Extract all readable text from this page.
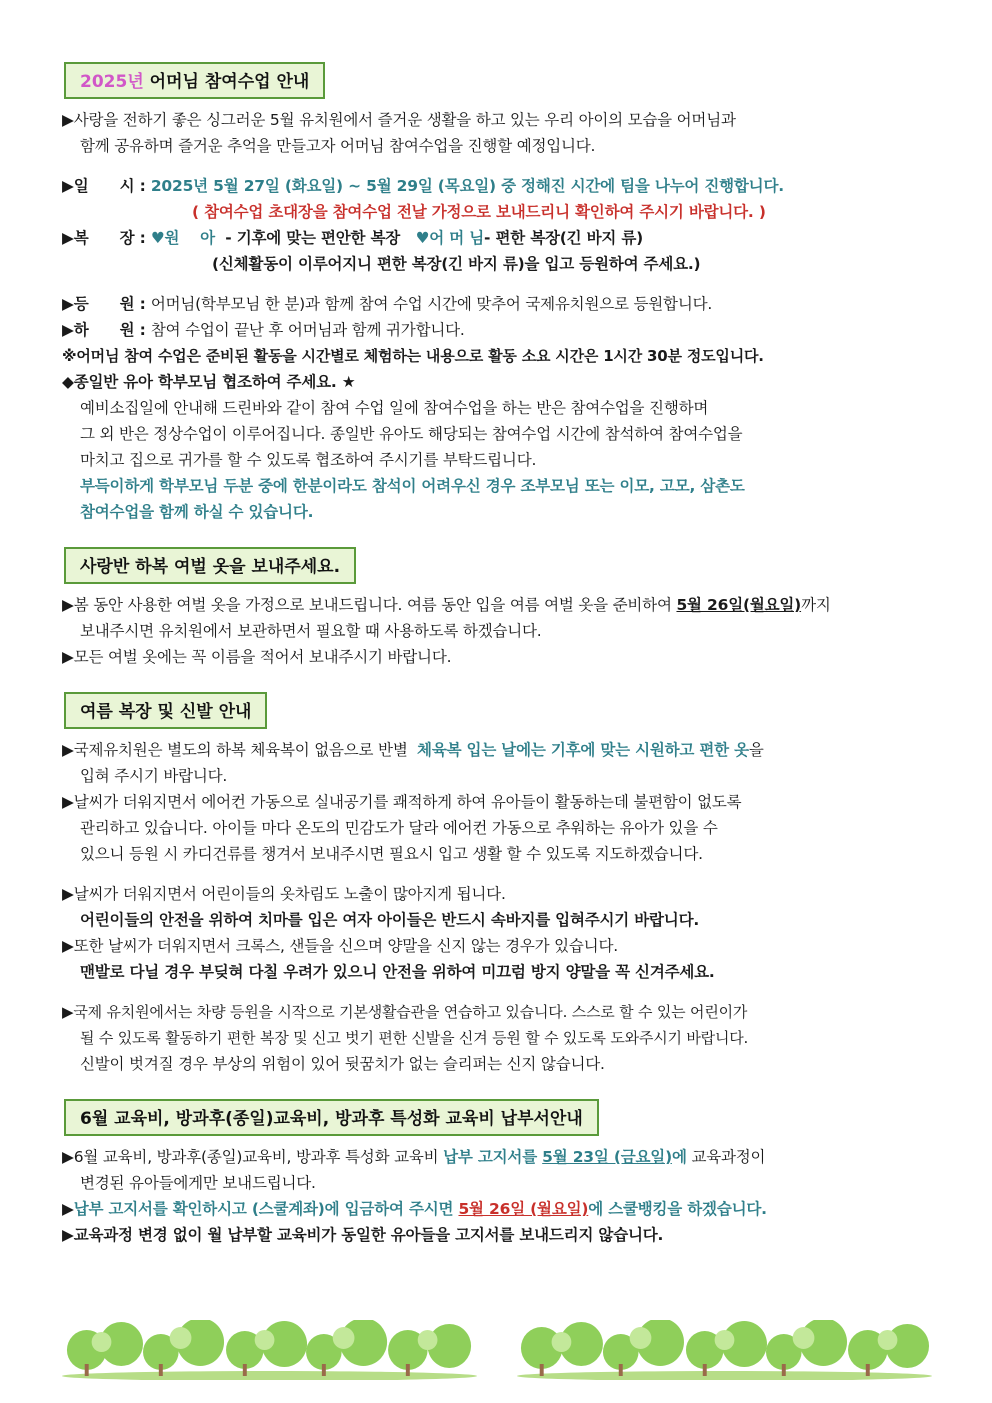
2025년 어머님 참여수업 안내

▶사랑을 전하기 좋은 싱그러운 5월 유치원에서 즐거운 생활을 하고 있는 우리 아이의 모습을 어머님과

함께 공유하며 즐거운 추억을 만들고자 어머님 참여수업을 진행할 예정입니다.

▶일      시 : 2025년 5월 27일 (화요일) ~ 5월 29일 (목요일) 중 정해진 시간에 팀을 나누어 진행합니다.

( 참여수업 초대장을 참여수업 전날 가정으로 보내드리니 확인하여 주시기 바랍니다. )

▶복      장 : ♥원    아  - 기후에 맞는 편안한 복장   ♥어 머 님- 편한 복장(긴 바지 류)

(신체활동이 이루어지니 편한 복장(긴 바지 류)을 입고 등원하여 주세요.)

▶등      원 : 어머님(학부모님 한 분)과 함께 참여 수업 시간에 맞추어 국제유치원으로 등원합니다.

▶하      원 : 참여 수업이 끝난 후 어머님과 함께 귀가합니다.

※어머님 참여 수업은 준비된 활동을 시간별로 체험하는 내용으로 활동 소요 시간은 1시간 30분 정도입니다.

◆종일반 유아 학부모님 협조하여 주세요. ★

예비소집일에 안내해 드린바와 같이 참여 수업 일에 참여수업을 하는 반은 참여수업을 진행하며

그 외 반은 정상수업이 이루어집니다. 종일반 유아도 해당되는 참여수업 시간에 참석하여 참여수업을

마치고 집으로 귀가를 할 수 있도록 협조하여 주시기를 부탁드립니다.

부득이하게 학부모님 두분 중에 한분이라도 참석이 어려우신 경우 조부모님 또는 이모, 고모, 삼촌도

참여수업을 함께 하실 수 있습니다.

사랑반 하복 여벌 옷을 보내주세요.

▶봄 동안 사용한 여벌 옷을 가정으로 보내드립니다. 여름 동안 입을 여름 여벌 옷을 준비하여 5월 26일(월요일)까지

보내주시면 유치원에서 보관하면서 필요할 때 사용하도록 하겠습니다.

▶모든 여벌 옷에는 꼭 이름을 적어서 보내주시기 바랍니다.

여름 복장 및 신발 안내

▶국제유치원은 별도의 하복 체육복이 없음으로 반별  체육복 입는 날에는 기후에 맞는 시원하고 편한 옷을

입혀 주시기 바랍니다.

▶날씨가 더워지면서 에어컨 가동으로 실내공기를 쾌적하게 하여 유아들이 활동하는데 불편함이 없도록

관리하고 있습니다. 아이들 마다 온도의 민감도가 달라 에어컨 가동으로 추워하는 유아가 있을 수

있으니 등원 시 카디건류를 챙겨서 보내주시면 필요시 입고 생활 할 수 있도록 지도하겠습니다.

▶날씨가 더워지면서 어린이들의 옷차림도 노출이 많아지게 됩니다.

어린이들의 안전을 위하여 치마를 입은 여자 아이들은 반드시 속바지를 입혀주시기 바랍니다.

▶또한 날씨가 더워지면서 크록스, 샌들을 신으며 양말을 신지 않는 경우가 있습니다.

맨발로 다닐 경우 부딪혀 다칠 우려가 있으니 안전을 위하여 미끄럼 방지 양말을 꼭 신겨주세요.

▶국제 유치원에서는 차량 등원을 시작으로 기본생활습관을 연습하고 있습니다. 스스로 할 수 있는 어린이가

될 수 있도록 활동하기 편한 복장 및 신고 벗기 편한 신발을 신겨 등원 할 수 있도록 도와주시기 바랍니다.

신발이 벗겨질 경우 부상의 위험이 있어 뒷꿈치가 없는 슬리퍼는 신지 않습니다.

6월 교육비, 방과후(종일)교육비, 방과후 특성화 교육비 납부서안내

▶6월 교육비, 방과후(종일)교육비, 방과후 특성화 교육비 납부 고지서를 5월 23일 (금요일)에 교육과정이

변경된 유아들에게만 보내드립니다.

▶납부 고지서를 확인하시고 (스쿨계좌)에 입금하여 주시면 5월 26일 (월요일)에 스쿨뱅킹을 하겠습니다.

▶교육과정 변경 없이 월 납부할 교육비가 동일한 유아들을 고지서를 보내드리지 않습니다.
